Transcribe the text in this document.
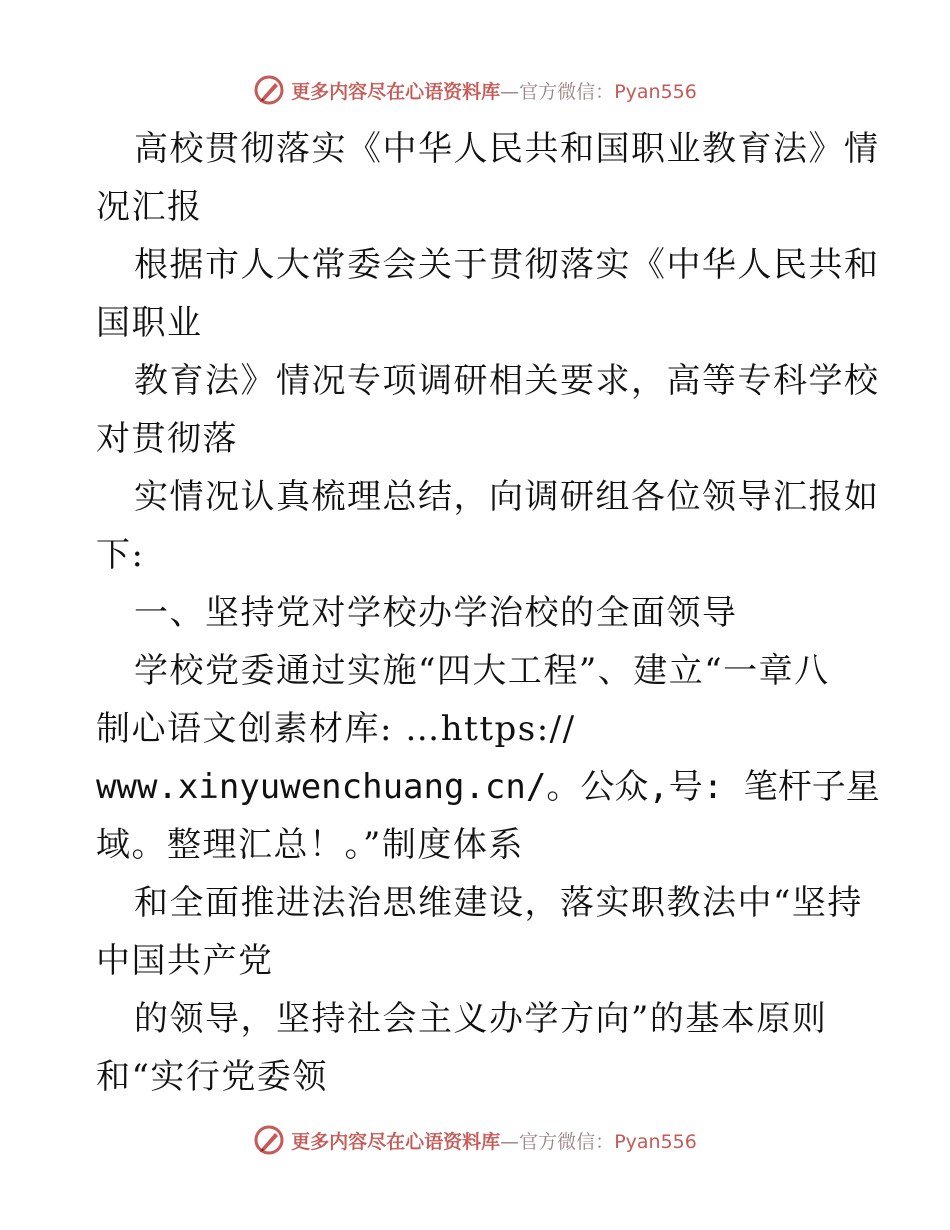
更多内容尽在心语资料库—官方微信：Pyan556
高校贯彻落实《中华人民共和国职业教育法》情
况汇报
根据市人大常委会关于贯彻落实《中华人民共和
国职业
教育法》情况专项调研相关要求，高等专科学校
对贯彻落
实情况认真梳理总结，向调研组各位领导汇报如
下:
一、坚持党对学校办学治校的全面领导
学校党委通过实施“四大工程”、建立“一章八
制心语文创素材库: …https://
www.xinyuwenchuang.cn/。公众,号: 笔杆子星
域。整理汇总！。”制度体系
和全面推进法治思维建设，落实职教法中“坚持
中国共产党
的领导，坚持社会主义办学方向”的基本原则
和“实行党委领
更多内容尽在心语资料库—官方微信：Pyan556
